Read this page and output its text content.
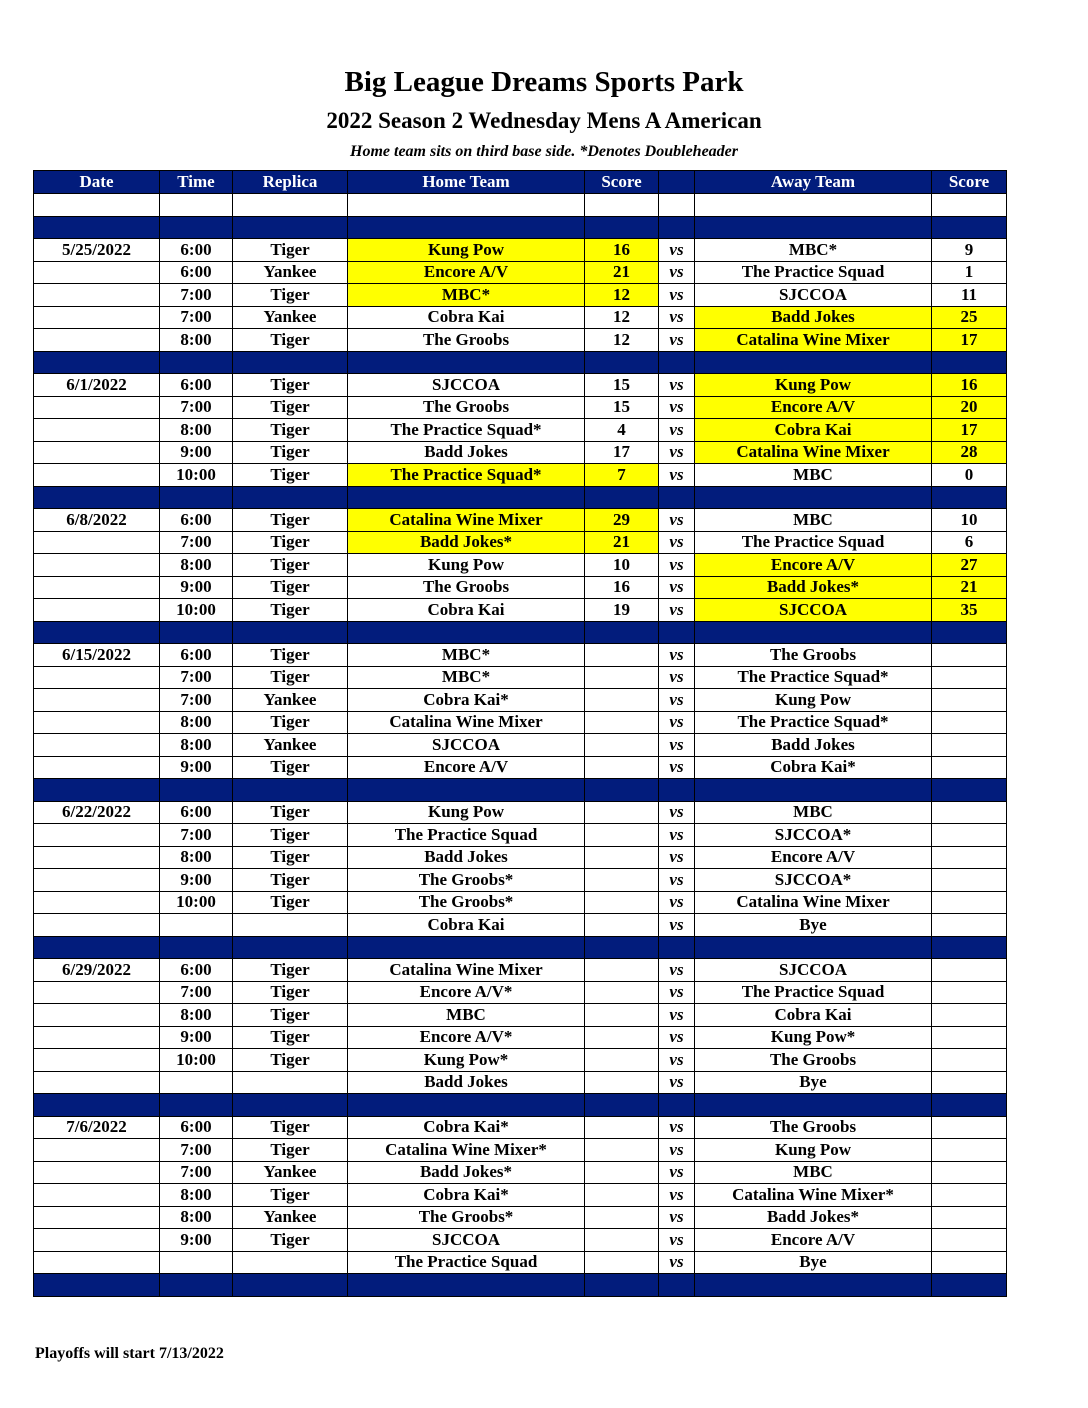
Big League Dreams Sports Park
2022 Season 2 Wednesday Mens A American
Home team sits on third base side. *Denotes Doubleheader
Date	Time	Replica	Home Team	Score		Away Team	Score

5/25/2022	6:00	Tiger	Kung Pow	16	vs	MBC*	9
	6:00	Yankee	Encore A/V	21	vs	The Practice Squad	1
	7:00	Tiger	MBC*	12	vs	SJCCOA	11
	7:00	Yankee	Cobra Kai	12	vs	Badd Jokes	25
	8:00	Tiger	The Groobs	12	vs	Catalina Wine Mixer	17

6/1/2022	6:00	Tiger	SJCCOA	15	vs	Kung Pow	16
	7:00	Tiger	The Groobs	15	vs	Encore A/V	20
	8:00	Tiger	The Practice Squad*	4	vs	Cobra Kai	17
	9:00	Tiger	Badd Jokes	17	vs	Catalina Wine Mixer	28
	10:00	Tiger	The Practice Squad*	7	vs	MBC	0

6/8/2022	6:00	Tiger	Catalina Wine Mixer	29	vs	MBC	10
	7:00	Tiger	Badd Jokes*	21	vs	The Practice Squad	6
	8:00	Tiger	Kung Pow	10	vs	Encore A/V	27
	9:00	Tiger	The Groobs	16	vs	Badd Jokes*	21
	10:00	Tiger	Cobra Kai	19	vs	SJCCOA	35

6/15/2022	6:00	Tiger	MBC*		vs	The Groobs	
	7:00	Tiger	MBC*		vs	The Practice Squad*	
	7:00	Yankee	Cobra Kai*		vs	Kung Pow	
	8:00	Tiger	Catalina Wine Mixer		vs	The Practice Squad*	
	8:00	Yankee	SJCCOA		vs	Badd Jokes	
	9:00	Tiger	Encore A/V		vs	Cobra Kai*	

6/22/2022	6:00	Tiger	Kung Pow		vs	MBC	
	7:00	Tiger	The Practice Squad		vs	SJCCOA*	
	8:00	Tiger	Badd Jokes		vs	Encore A/V	
	9:00	Tiger	The Groobs*		vs	SJCCOA*	
	10:00	Tiger	The Groobs*		vs	Catalina Wine Mixer	
			Cobra Kai		vs	Bye	

6/29/2022	6:00	Tiger	Catalina Wine Mixer		vs	SJCCOA	
	7:00	Tiger	Encore A/V*		vs	The Practice Squad	
	8:00	Tiger	MBC		vs	Cobra Kai	
	9:00	Tiger	Encore A/V*		vs	Kung Pow*	
	10:00	Tiger	Kung Pow*		vs	The Groobs	
			Badd Jokes		vs	Bye	

7/6/2022	6:00	Tiger	Cobra Kai*		vs	The Groobs	
	7:00	Tiger	Catalina Wine Mixer*		vs	Kung Pow	
	7:00	Yankee	Badd Jokes*		vs	MBC	
	8:00	Tiger	Cobra Kai*		vs	Catalina Wine Mixer*	
	8:00	Yankee	The Groobs*		vs	Badd Jokes*	
	9:00	Tiger	SJCCOA		vs	Encore A/V	
			The Practice Squad		vs	Bye	

Playoffs will start 7/13/2022
